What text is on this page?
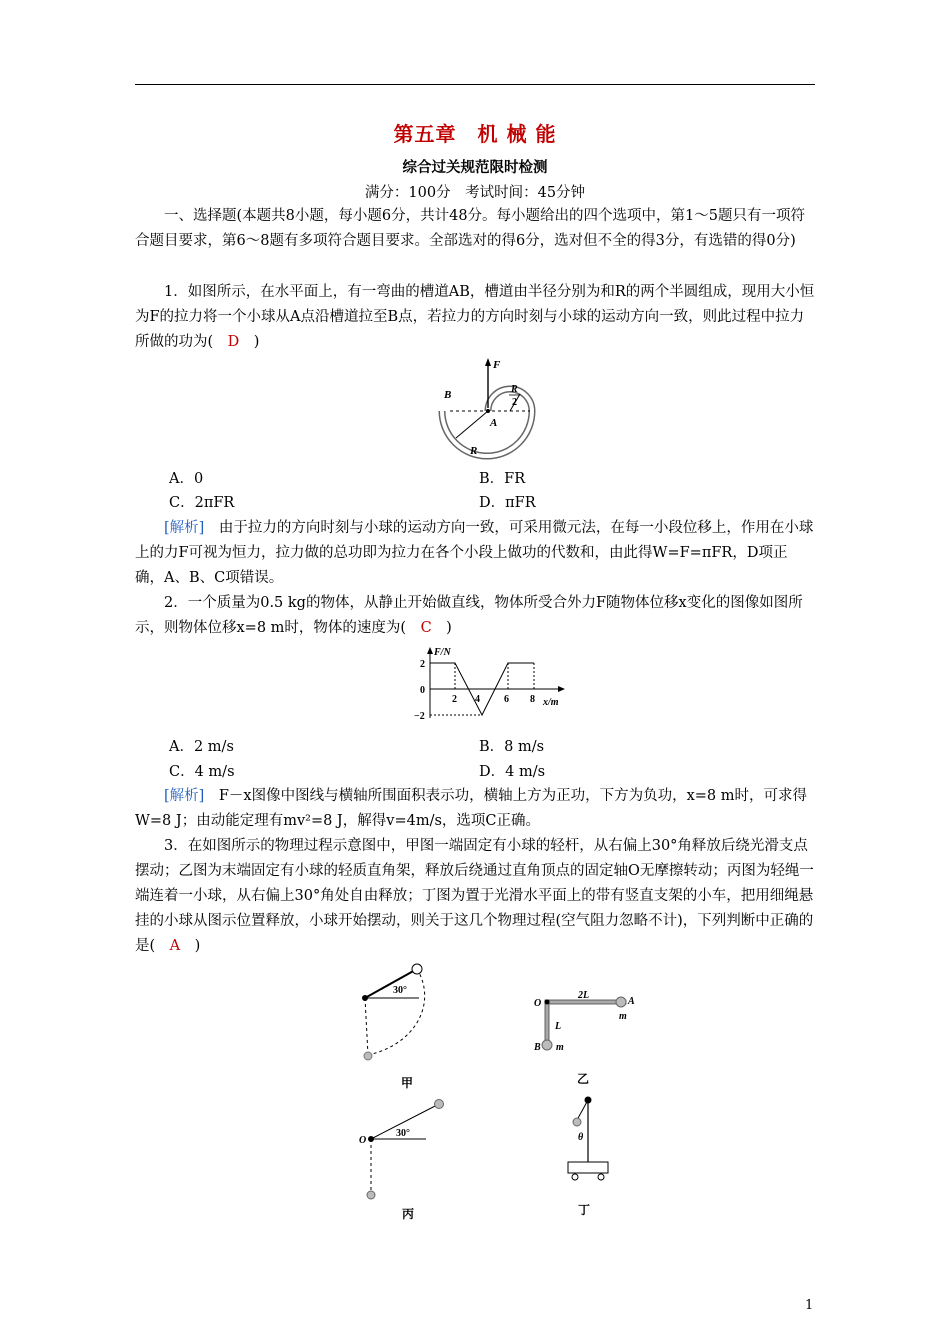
第五章　机 械 能
综合过关规范限时检测
满分：100分　考试时间：45分钟
一、选择题(本题共8小题，每小题6分，共计48分。每小题给出的四个选项中，第1～5题只有一项符合题目要求，第6～8题有多项符合题目要求。全部选对的得6分，选对但不全的得3分，有选错的得0分)
1．如图所示，在水平面上，有一弯曲的槽道AB，槽道由半径分别为和R的两个半圆组成，现用大小恒为F的拉力将一个小球从A点沿槽道拉至B点，若拉力的方向时刻与小球的运动方向一致，则此过程中拉力所做的功为(　D　)
F
B
A
R
R
2
A．0	B．FR
C．2πFR	D．πFR
[解析]　由于拉力的方向时刻与小球的运动方向一致，可采用微元法，在每一小段位移上，作用在小球上的力F可视为恒力，拉力做的总功即为拉力在各个小段上做功的代数和，由此得W=F=πFR，D项正确，A、B、C项错误。
2．一个质量为0.5 kg的物体，从静止开始做直线，物体所受合外力F随物体位移x变化的图像如图所示，则物体位移x=8 m时，物体的速度为(　C　)
F/N
x/m
2
0
−2
2 4 6 8
A．2 m/s	B．8 m/s
C．4 m/s	D．4 m/s
[解析]　F－x图像中图线与横轴所围面积表示功，横轴上方为正功，下方为负功，x=8 m时，可求得W=8 J；由动能定理有mv²=8 J，解得v=4m/s，选项C正确。
3．在如图所示的物理过程示意图中，甲图一端固定有小球的轻杆，从右偏上30°角释放后绕光滑支点摆动；乙图为末端固定有小球的轻质直角架，释放后绕通过直角顶点的固定轴O无摩擦转动；丙图为轻绳一端连着一小球，从右偏上30°角处自由释放；丁图为置于光滑水平面上的带有竖直支架的小车，把用细绳悬挂的小球从图示位置释放，小球开始摆动，则关于这几个物理过程(空气阻力忽略不计)，下列判断中正确的是(　A　)
30°
甲
O
2L
A
m
L
B m
乙
O
30°
丙
θ
丁
1
